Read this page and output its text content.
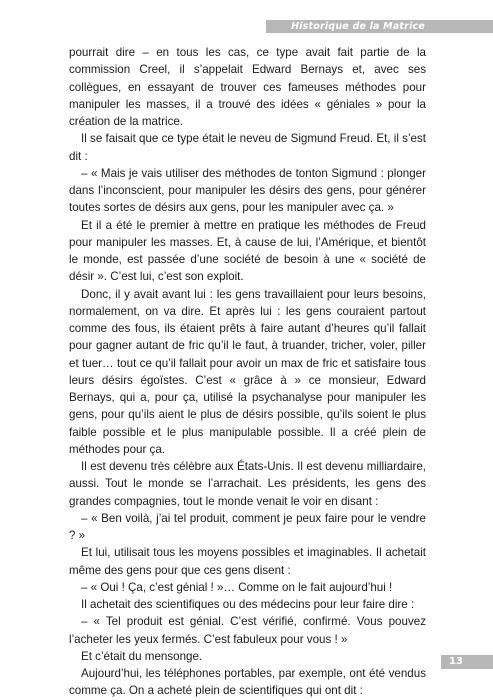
Historique de la Matrice

pourrait dire – en tous les cas, ce type avait fait partie de la commission Creel, il s’appelait Edward Bernays et, avec ses collègues, en essayant de trouver ces fameuses méthodes pour manipuler les masses, il a trouvé des idées « géniales » pour la création de la matrice.

Il se faisait que ce type était le neveu de Sigmund Freud. Et, il s’est dit :

– « Mais je vais utiliser des méthodes de tonton Sigmund : plonger dans l’inconscient, pour manipuler les désirs des gens, pour générer toutes sortes de désirs aux gens, pour les manipuler avec ça. »

Et il a été le premier à mettre en pratique les méthodes de Freud pour manipuler les masses. Et, à cause de lui, l’Amérique, et bientôt le monde, est passée d’une société de besoin à une « société de désir ». C’est lui, c’est son exploit.

Donc, il y avait avant lui : les gens travaillaient pour leurs besoins, normalement, on va dire. Et après lui : les gens couraient partout comme des fous, ils étaient prêts à faire autant d’heures qu’il fallait pour gagner autant de fric qu’il le faut, à truander, tricher, voler, piller et tuer… tout ce qu’il fallait pour avoir un max de fric et satisfaire tous leurs désirs égoïstes. C’est « grâce à » ce monsieur, Edward Bernays, qui a, pour ça, utilisé la psychanalyse pour manipuler les gens, pour qu’ils aient le plus de désirs possible, qu’ils soient le plus faible possible et le plus manipulable possible. Il a créé plein de méthodes pour ça.

Il est devenu très célèbre aux États-Unis. Il est devenu milliardaire, aussi. Tout le monde se l’arrachait. Les présidents, les gens des grandes compagnies, tout le monde venait le voir en disant :

– « Ben voilà, j’ai tel produit, comment je peux faire pour le vendre ? »

Et lui, utilisait tous les moyens possibles et imaginables. Il achetait même des gens pour que ces gens disent :

– « Oui ! Ça, c’est génial ! »… Comme on le fait aujourd’hui !

Il achetait des scientifiques ou des médecins pour leur faire dire :

– « Tel produit est génial. C’est vérifié, confirmé. Vous pouvez l’acheter les yeux fermés. C’est fabuleux pour vous ! »

Et c’était du mensonge.

Aujourd’hui, les téléphones portables, par exemple, ont été vendus comme ça. On a acheté plein de scientifiques qui ont dit :

13
